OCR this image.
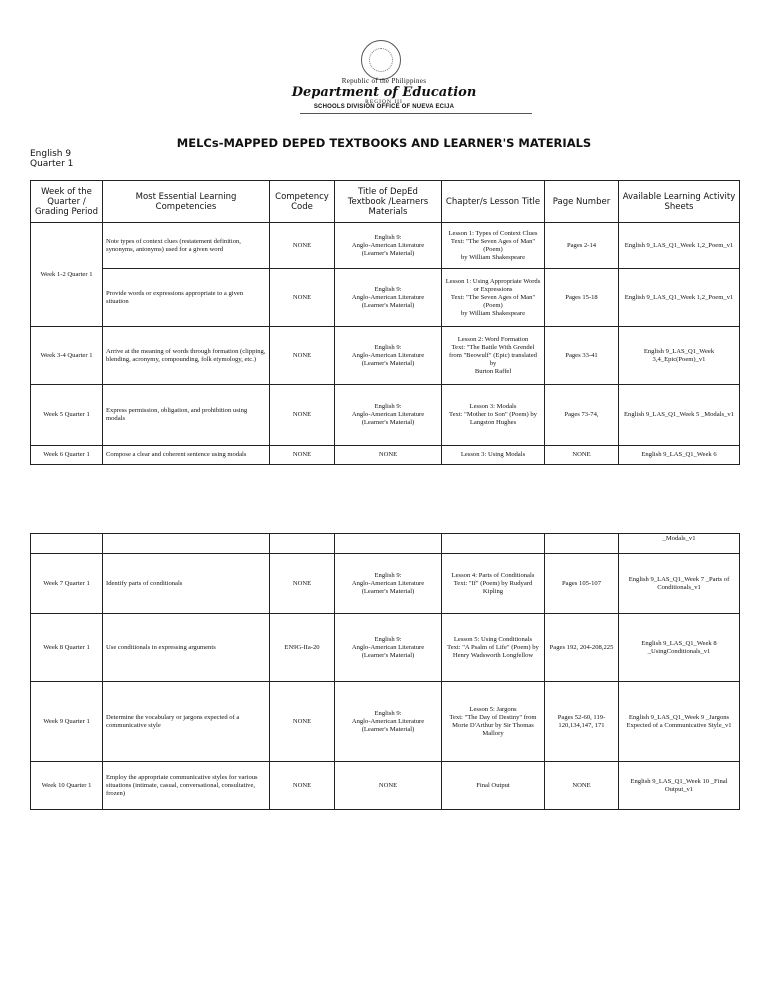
Republic of the Philippines
Department of Education
REGION III
SCHOOLS DIVISION OFFICE OF NUEVA ECIJA
MELCs-MAPPED DEPED TEXTBOOKS AND LEARNER'S MATERIALS
English 9
Quarter 1
Week of the Quarter / Grading Period	Most Essential Learning Competencies	Competency Code	Title of DepEd Textbook /Learners Materials	Chapter/s Lesson Title	Page Number	Available Learning Activity Sheets
Week 1-2 Quarter 1	Note types of context clues (restatement definition, synonyms, antonyms) used for a given word	NONE	English 9:
Anglo-American Literature
(Learner's Material)	Lesson 1: Types of Context Clues
Text: "The Seven Ages of Man" (Poem)
by William Shakespeare	Pages 2-14	English 9_LAS_Q1_Week 1,2_Poem_v1
	Provide words or expressions appropriate to a given situation	NONE	English 9:
Anglo-American Literature
(Learner's Material)	Lesson 1: Using Appropriate Words or Expressions
Text: "The Seven Ages of Man" (Poem)
by William Shakespeare	Pages 15-18	English 9_LAS_Q1_Week 1,2_Poem_v1
Week 3-4 Quarter 1	Arrive at the meaning of words through formation (clipping, blending, acronymy, compounding, folk etymology, etc.)	NONE	English 9:
Anglo-American Literature
(Learner's Material)	Lesson 2: Word Formation
Text: "The Battle With Grendel from "Beowulf" (Epic) translated by
Burton Raffel	Pages 33-41	English 9_LAS_Q1_Week 3,4_Epic(Poem)_v1
Week 5 Quarter 1	Express permission, obligation, and prohibition using modals	NONE	English 9:
Anglo-American Literature
(Learner's Material)	Lesson 3: Modals
Text: "Mother to Son" (Poem) by Langston Hughes	Pages 73-74,	English 9_LAS_Q1_Week 5 _Modals_v1
Week 6 Quarter 1	Compose a clear and coherent sentence using modals	NONE	NONE	Lesson 3: Using Modals	NONE	English 9_LAS_Q1_Week 6
						_Modals_v1
Week 7 Quarter 1	Identify parts of conditionals	NONE	English 9:
Anglo-American Literature
(Learner's Material)	Lesson 4: Parts of Conditionals
Text: "If" (Poem) by Rudyard Kipling	Pages 105-107	English 9_LAS_Q1_Week 7 _Parts of Conditionals_v1
Week 8 Quarter 1	Use conditionals in expressing arguments	EN9G-IIa-20	English 9:
Anglo-American Literature
(Learner's Material)	Lesson 5: Using Conditionals
Text: "A Psalm of Life" (Poem) by Henry Wadsworth Longfellow	Pages 192, 204-208,225	English 9_LAS_Q1_Week 8 _UsingConditionals_v1
Week 9 Quarter 1	Determine the vocabulary or jargons expected of a communicative style	NONE	English 9:
Anglo-American Literature
(Learner's Material)	Lesson 5: Jargons
Text: "The Day of Destiny" from Morte D'Arthur by Sir Thomas Mallory	Pages 52-60, 119-120,134,147, 171	English 9_LAS_Q1_Week 9 _Jargons Expected of a Communicative Style_v1
Week 10 Quarter 1	Employ the appropriate communicative styles for various situations (intimate, casual, conversational, consultative, frozen)	NONE	NONE	Final Output	NONE	English 9_LAS_Q1_Week 10 _Final Output_v1
